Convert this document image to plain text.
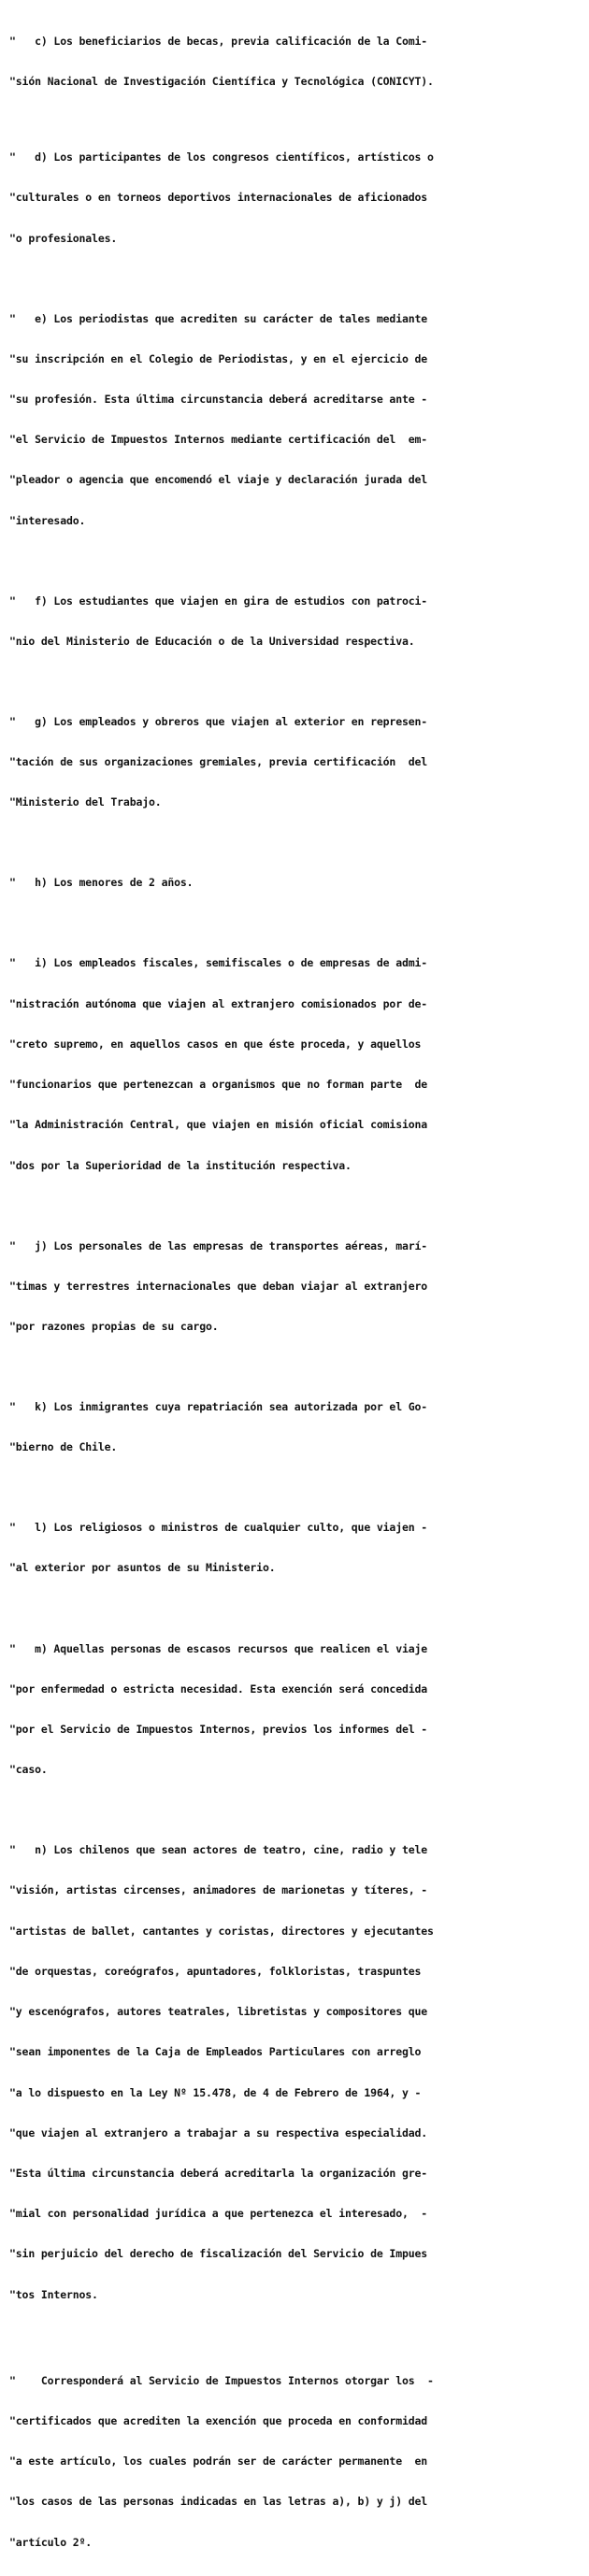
"   c) Los beneficiarios de becas, previa calificación de la Comi-

"sión Nacional de Investigación Científica y Tecnológica (CONICYT).

"   d) Los participantes de los congresos científicos, artísticos o

"culturales o en torneos deportivos internacionales de aficionados

"o profesionales.

"   e) Los periodistas que acrediten su carácter de tales mediante

"su inscripción en el Colegio de Periodistas, y en el ejercicio de

"su profesión. Esta última circunstancia deberá acreditarse ante -

"el Servicio de Impuestos Internos mediante certificación del  em-

"pleador o agencia que encomendó el viaje y declaración jurada del

"interesado.

"   f) Los estudiantes que viajen en gira de estudios con patroci-

"nio del Ministerio de Educación o de la Universidad respectiva.

"   g) Los empleados y obreros que viajen al exterior en represen-

"tación de sus organizaciones gremiales, previa certificación  del

"Ministerio del Trabajo.

"   h) Los menores de 2 años.

"   i) Los empleados fiscales, semifiscales o de empresas de admi-

"nistración autónoma que viajen al extranjero comisionados por de-

"creto supremo, en aquellos casos en que éste proceda, y aquellos

"funcionarios que pertenezcan a organismos que no forman parte  de

"la Administración Central, que viajen en misión oficial comisiona

"dos por la Superioridad de la institución respectiva.

"   j) Los personales de las empresas de transportes aéreas, marí-

"timas y terrestres internacionales que deban viajar al extranjero

"por razones propias de su cargo.

"   k) Los inmigrantes cuya repatriación sea autorizada por el Go-

"bierno de Chile.

"   l) Los religiosos o ministros de cualquier culto, que viajen -

"al exterior por asuntos de su Ministerio.

"   m) Aquellas personas de escasos recursos que realicen el viaje

"por enfermedad o estricta necesidad. Esta exención será concedida

"por el Servicio de Impuestos Internos, previos los informes del -

"caso.

"   n) Los chilenos que sean actores de teatro, cine, radio y tele

"visión, artistas circenses, animadores de marionetas y títeres, -

"artistas de ballet, cantantes y coristas, directores y ejecutantes

"de orquestas, coreógrafos, apuntadores, folkloristas, traspuntes

"y escenógrafos, autores teatrales, libretistas y compositores que

"sean imponentes de la Caja de Empleados Particulares con arreglo

"a lo dispuesto en la Ley Nº 15.478, de 4 de Febrero de 1964, y -

"que viajen al extranjero a trabajar a su respectiva especialidad.

"Esta última circunstancia deberá acreditarla la organización gre-

"mial con personalidad jurídica a que pertenezca el interesado,  -

"sin perjuicio del derecho de fiscalización del Servicio de Impues

"tos Internos.

"    Corresponderá al Servicio de Impuestos Internos otorgar los  -

"certificados que acrediten la exención que proceda en conformidad

"a este artículo, los cuales podrán ser de carácter permanente  en

"los casos de las personas indicadas en las letras a), b) y j) del

"artículo 2º.
